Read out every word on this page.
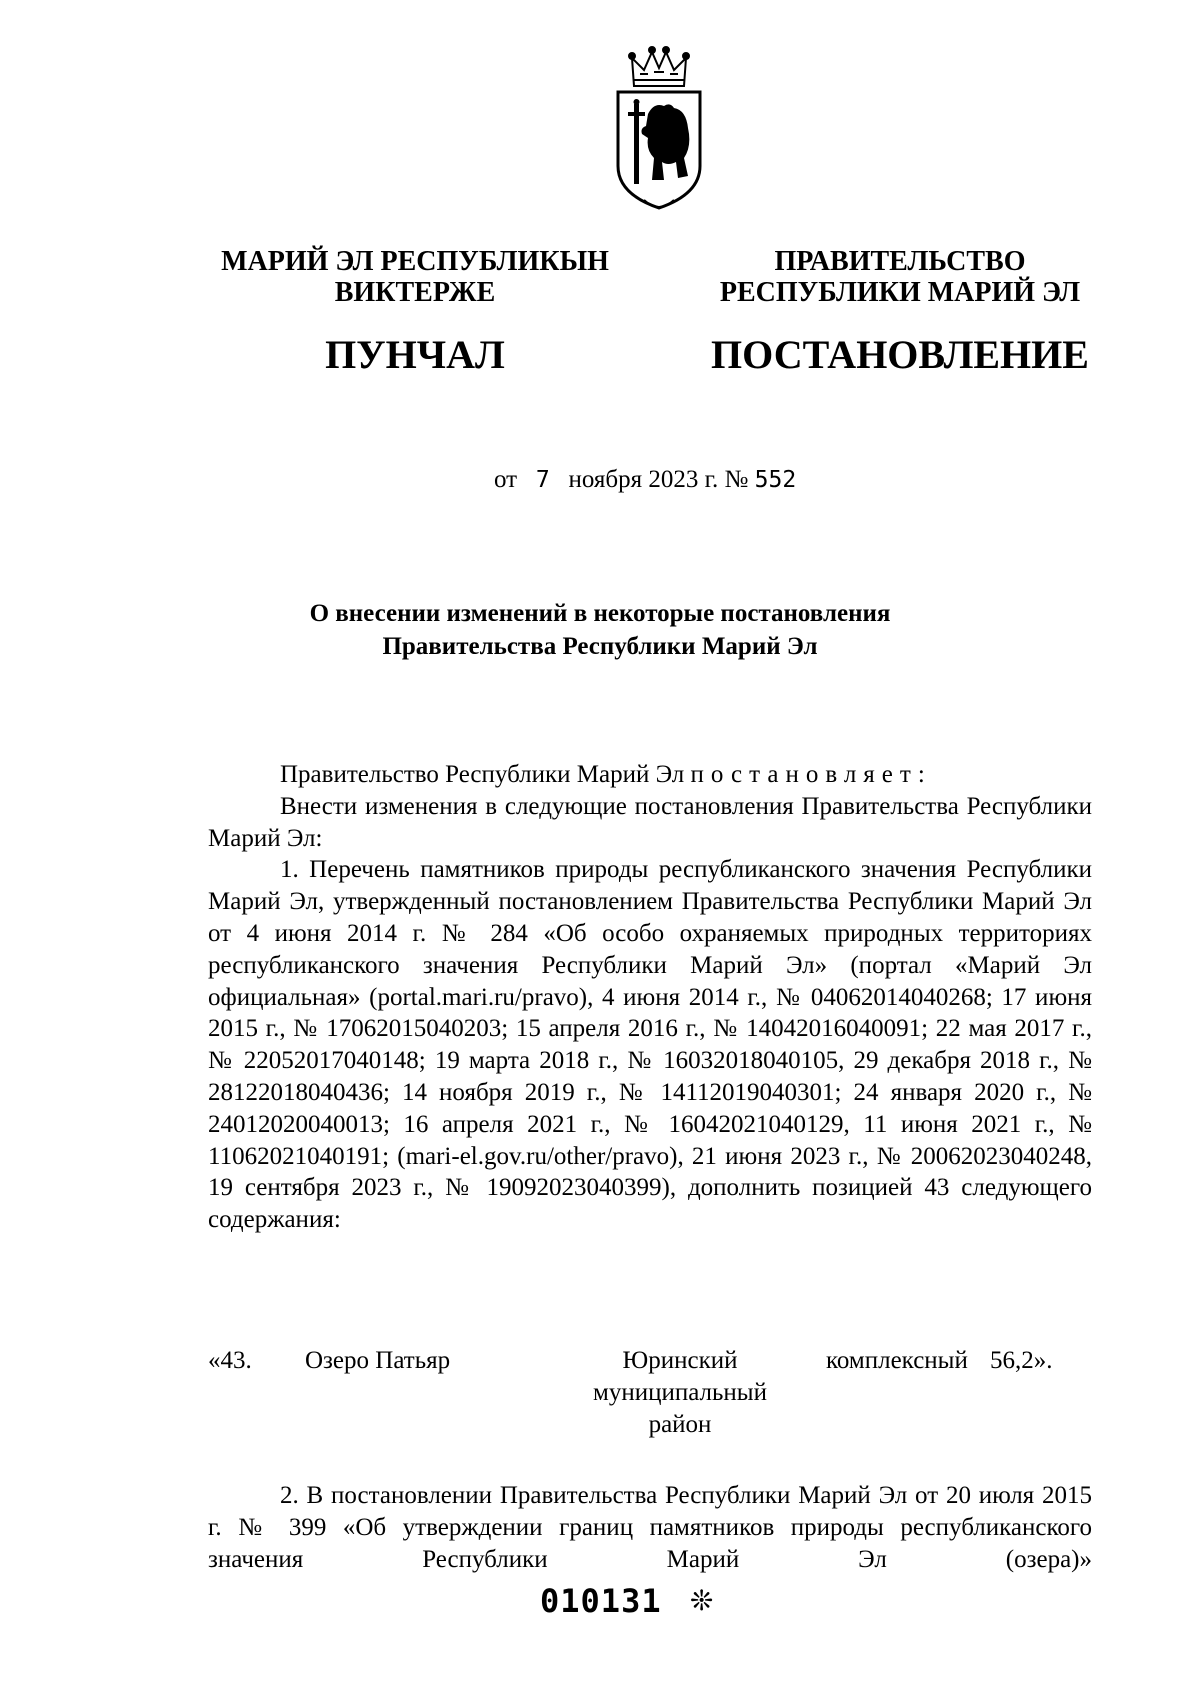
МАРИЙ ЭЛ РЕСПУБЛИКЫН
ВИКТЕРЖЕ
ПУНЧАЛ
ПРАВИТЕЛЬСТВО
РЕСПУБЛИКИ МАРИЙ ЭЛ
ПОСТАНОВЛЕНИЕ
от 7 ноября 2023 г. № 552
О внесении изменений в некоторые постановления
Правительства Республики Марий Эл

Правительство Республики Марий Эл постановляет:

Внести изменения в следующие постановления Правительства Республики Марий Эл:

1. Перечень памятников природы республиканского значения Республики Марий Эл, утвержденный постановлением Правительства Республики Марий Эл от 4 июня 2014 г. № 284 «Об особо охраняемых природных территориях республиканского значения Республики Марий Эл» (портал «Марий Эл официальная» (portal.mari.ru/pravo), 4 июня 2014 г., № 04062014040268; 17 июня 2015 г., № 17062015040203; 15 апреля 2016 г., № 14042016040091; 22 мая 2017 г., № 22052017040148; 19 марта 2018 г., № 16032018040105, 29 декабря 2018 г., № 28122018040436; 14 ноября 2019 г., № 14112019040301; 24 января 2020 г., № 24012020040013; 16 апреля 2021 г., № 16042021040129, 11 июня 2021 г., № 11062021040191; (mari-el.gov.ru/other/pravo), 21 июня 2023 г., № 20062023040248, 19 сентября 2023 г., № 19092023040399), дополнить позицией 43 следующего содержания:

«43. Озеро Патьяр	Юринский муниципальный район
комплексный 56,2».

2. В постановлении Правительства Республики Марий Эл от 20 июля 2015 г. № 399 «Об утверждении границ памятников природы республиканского значения Республики Марий Эл (озера)»

010131 ❊
